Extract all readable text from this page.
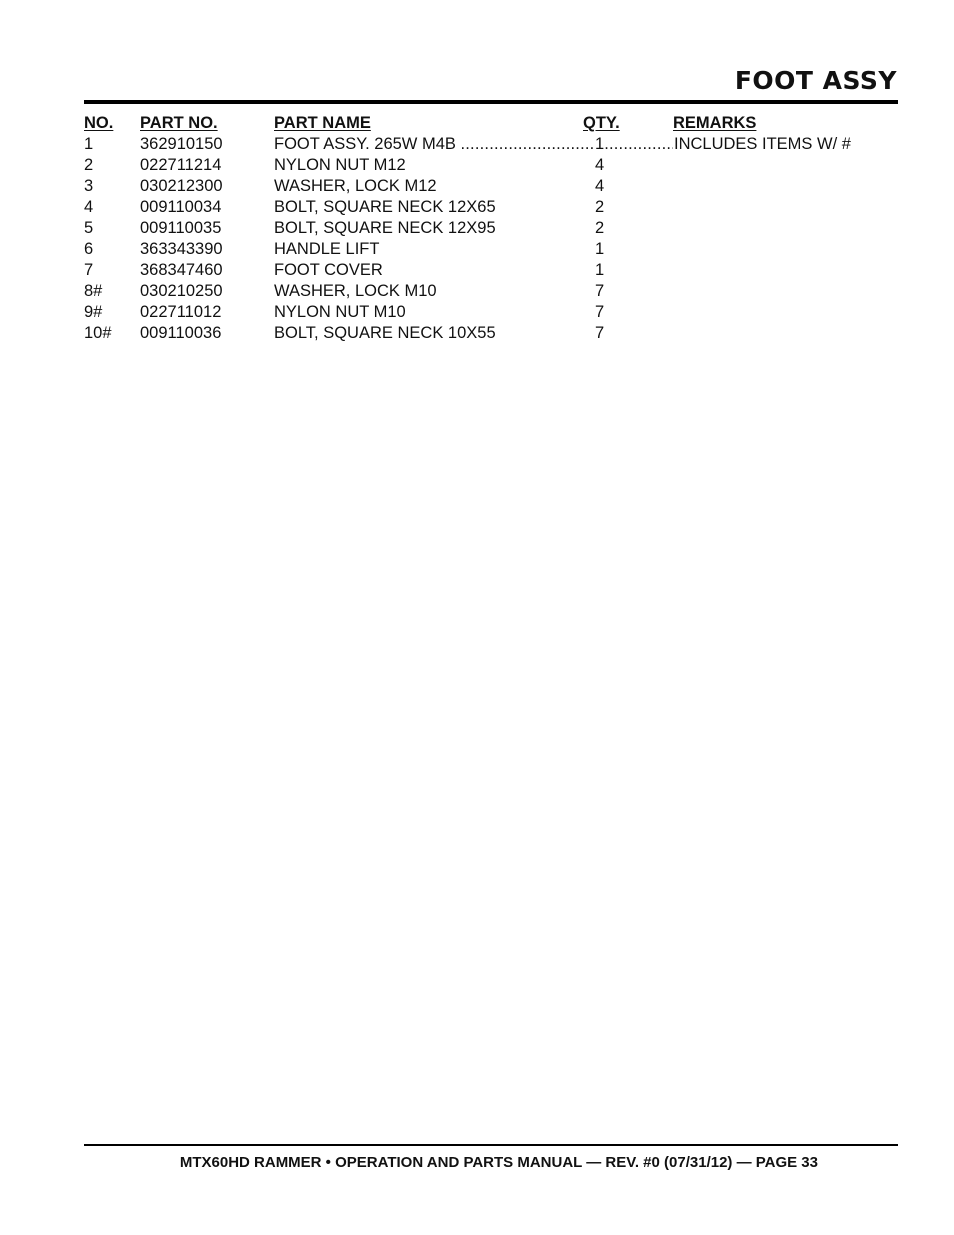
FOOT ASSY
NO. PART NO.	PART NAME	QTY.	REMARKS
1	362910150	FOOT ASSY. 265W M4B .....	1 .....	INCLUDES ITEMS W/ #
2	022711214	NYLON NUT M12	4
3	030212300	WASHER, LOCK M12	4
4	009110034	BOLT, SQUARE NECK 12X65	2
5	009110035	BOLT, SQUARE NECK 12X95	2
6	363343390	HANDLE LIFT	1
7	368347460	FOOT COVER	1
8# 030210250	WASHER, LOCK M10	7
9# 022711012	NYLON NUT M10	7
10# 009110036	BOLT, SQUARE NECK 10X55	7
MTX60HD RAMMER • OPERATION AND PARTS MANUAL — REV. #0 (07/31/12) — PAGE 33
